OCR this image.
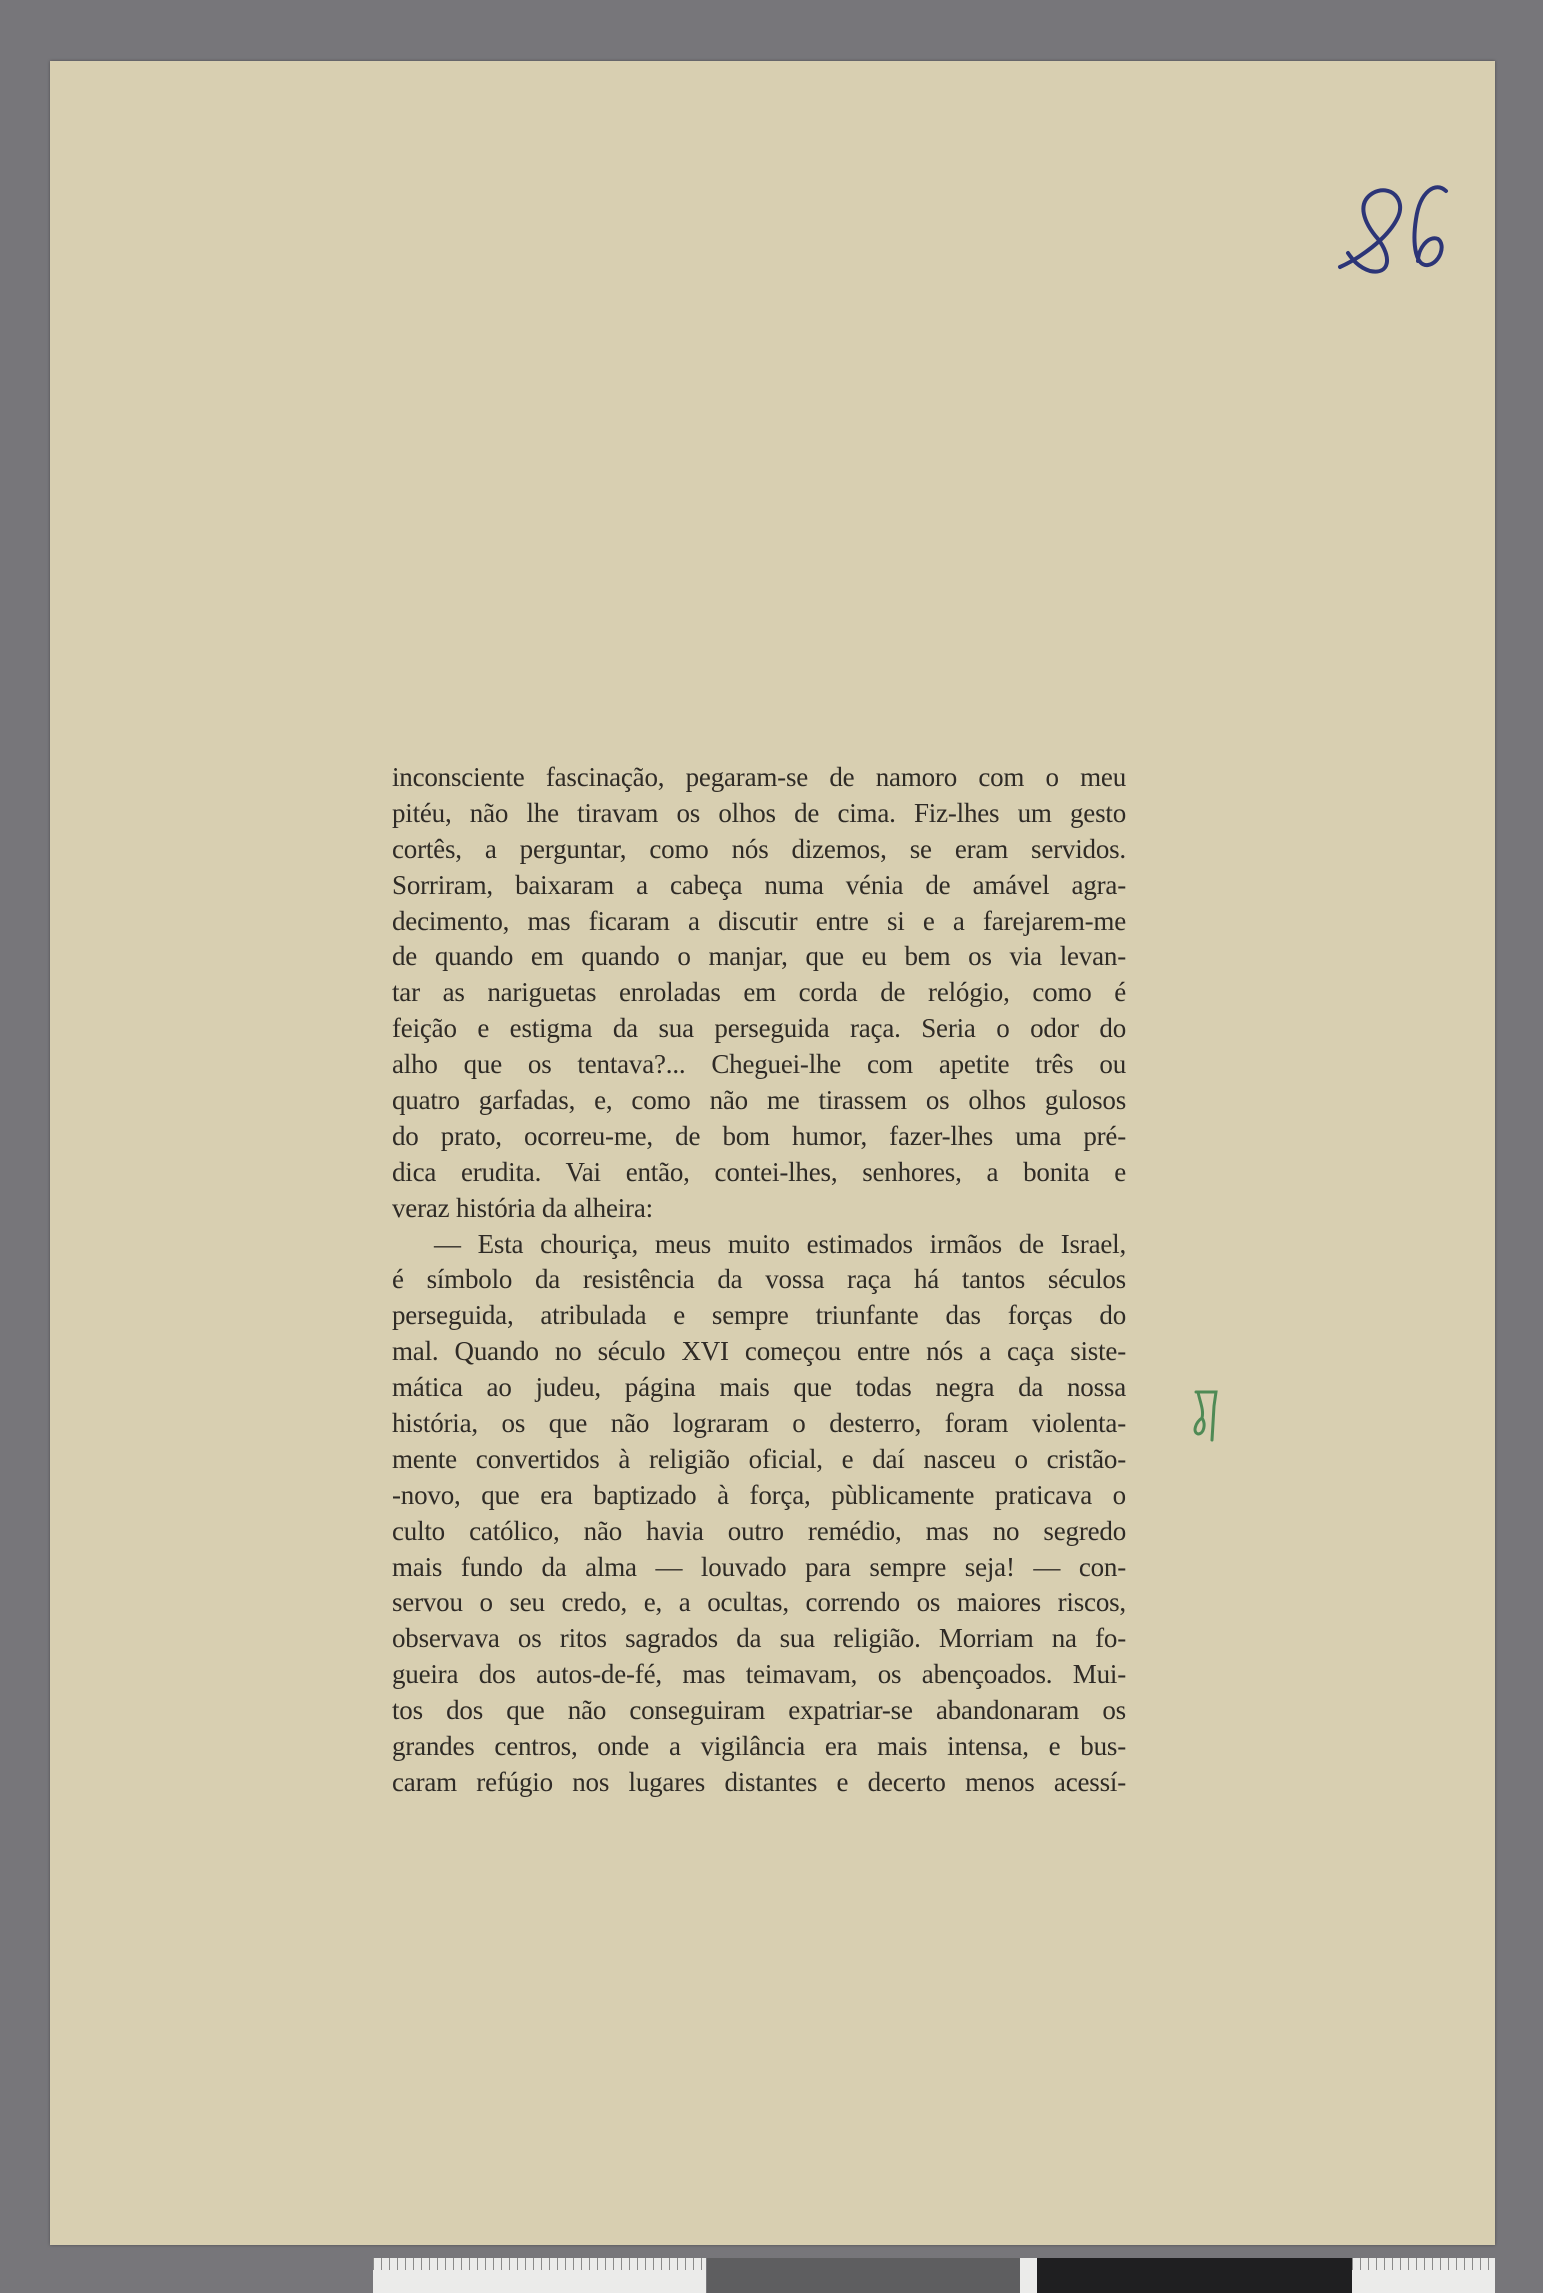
inconsciente fascinação, pegaram-se de namoro com o meu
pitéu, não lhe tiravam os olhos de cima. Fiz-lhes um gesto
cortês, a perguntar, como nós dizemos, se eram servidos.
Sorriram, baixaram a cabeça numa vénia de amável agra-
decimento, mas ficaram a discutir entre si e a farejarem-me
de quando em quando o manjar, que eu bem os via levan-
tar as nariguetas enroladas em corda de relógio, como é
feição e estigma da sua perseguida raça. Seria o odor do
alho que os tentava?... Cheguei-lhe com apetite três ou
quatro garfadas, e, como não me tirassem os olhos gulosos
do prato, ocorreu-me, de bom humor, fazer-lhes uma pré-
dica erudita. Vai então, contei-lhes, senhores, a bonita e
veraz história da alheira:
— Esta chouriça, meus muito estimados irmãos de Israel,
é símbolo da resistência da vossa raça há tantos séculos
perseguida, atribulada e sempre triunfante das forças do
mal. Quando no século XVI começou entre nós a caça siste-
mática ao judeu, página mais que todas negra da nossa
história, os que não lograram o desterro, foram violenta-
mente convertidos à religião oficial, e daí nasceu o cristão-
-novo, que era baptizado à força, pùblicamente praticava o
culto católico, não havia outro remédio, mas no segredo
mais fundo da alma — louvado para sempre seja! — con-
servou o seu credo, e, a ocultas, correndo os maiores riscos,
observava os ritos sagrados da sua religião. Morriam na fo-
gueira dos autos-de-fé, mas teimavam, os abençoados. Mui-
tos dos que não conseguiram expatriar-se abandonaram os
grandes centros, onde a vigilância era mais intensa, e bus-
caram refúgio nos lugares distantes e decerto menos acessí-
